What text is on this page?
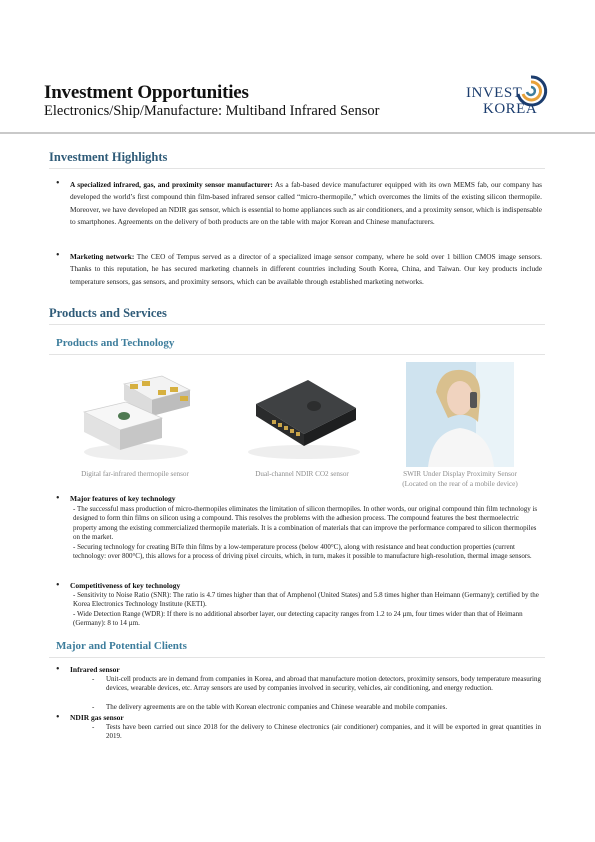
Investment Opportunities
Electronics/Ship/Manufacture: Multiband Infrared Sensor
INVEST
KOREA
Investment Highlights
• A specialized infrared, gas, and proximity sensor manufacturer: As a fab-based device manufacturer equipped with its own MEMS fab, our company has developed the world’s first compound thin film-based infrared sensor called “micro-thermopile,” which overcomes the limits of the existing silicon thermopile. Moreover, we have developed an NDIR gas sensor, which is essential to home appliances such as air conditioners, and a proximity sensor, which is indispensable to smartphones. Agreements on the delivery of both products are on the table with major Korean and Chinese manufacturers.
• Marketing network: The CEO of Tempus served as a director of a specialized image sensor company, where he sold over 1 billion CMOS image sensors. Thanks to this reputation, he has secured marketing channels in different countries including South Korea, China, and Taiwan. Our key products include temperature sensors, gas sensors, and proximity sensors, which can be available through established marketing networks.
Products and Services
Products and Technology
Digital far-infrared thermopile sensor	Dual-channel NDIR CO2 sensor	SWIR Under Display Proximity Sensor
(Located on the rear of a mobile device)
• Major features of key technology

- The successful mass production of micro-thermopiles eliminates the limitation of silicon thermopiles. In other words, our original compound thin film technology is designed to form thin films on silicon using a compound. This resolves the problems with the adhesion process. The compound features the best thermoelectric property among the existing commercialized thermopile materials. It is a combination of materials that can improve the performance compared to silicon thermopiles on the market.

- Securing technology for creating BiTe thin films by a low-temperature process (below 400°C), along with resistance and heat conduction properties (current technology: over 800°C), this allows for a process of driving pixel circuits, which, in turn, makes it possible to manufacture high-resolution, thermal image sensors.

• Competitiveness of key technology

- Sensitivity to Noise Ratio (SNR): The ratio is 4.7 times higher than that of Amphenol (United States) and 5.8 times higher than Heimann (Germany); certified by the Korea Electronics Technology Institute (KETI).

- Wide Detection Range (WDR): If there is no additional absorber layer, our detecting capacity ranges from 1.2 to 24 µm, four times wider than that of Heimann (Germany): 8 to 14 µm.

Major and Potential Clients
• Infrared sensor
- Unit-cell products are in demand from companies in Korea, and abroad that manufacture motion detectors, proximity sensors, body temperature measuring devices, wearable devices, etc. Array sensors are used by companies involved in security, vehicles, air conditioning, and energy reduction.
- The delivery agreements are on the table with Korean electronic companies and Chinese wearable and mobile companies.
• NDIR gas sensor
- Tests have been carried out since 2018 for the delivery to Chinese electronics (air conditioner) companies, and it will be exported in great quantities in 2019.
